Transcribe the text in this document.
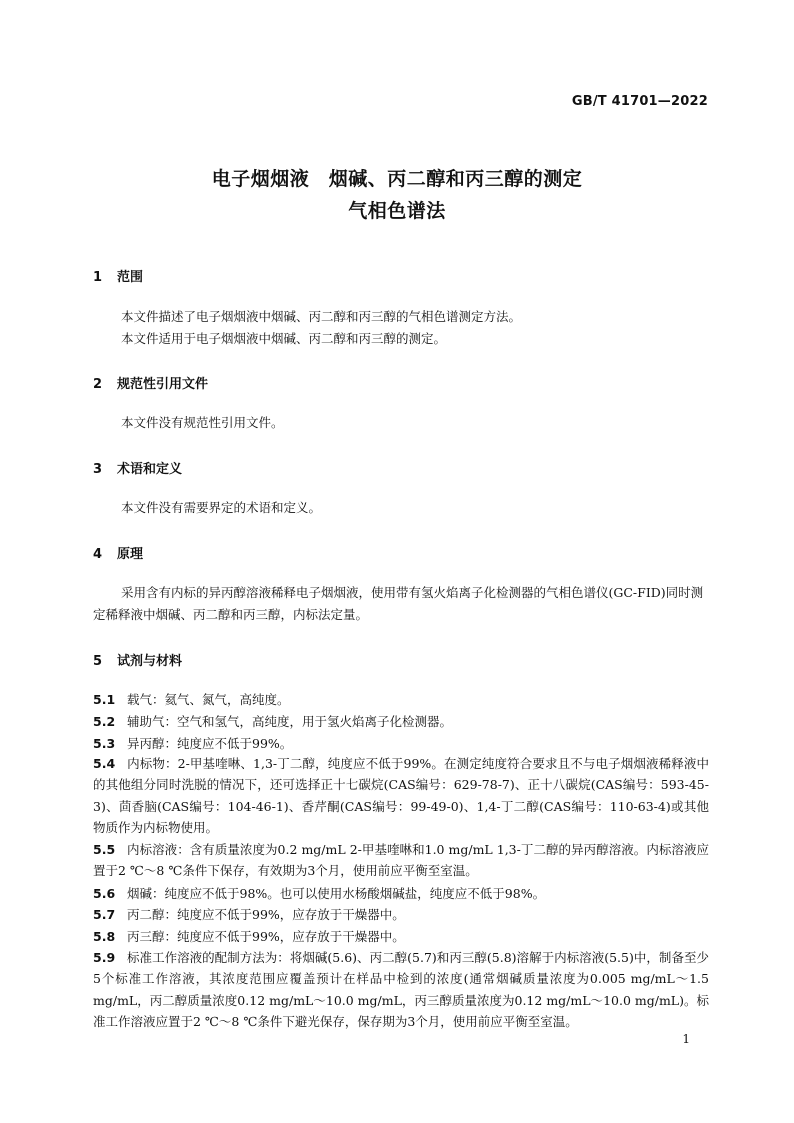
GB/T 41701—2022
电子烟烟液　烟碱、丙二醇和丙三醇的测定
气相色谱法
1 范围
本文件描述了电子烟烟液中烟碱、丙二醇和丙三醇的气相色谱测定方法。
本文件适用于电子烟烟液中烟碱、丙二醇和丙三醇的测定。
2 规范性引用文件
本文件没有规范性引用文件。
3 术语和定义
本文件没有需要界定的术语和定义。
4 原理
采用含有内标的异丙醇溶液稀释电子烟烟液，使用带有氢火焰离子化检测器的气相色谱仪(GC-FID)同时测定稀释液中烟碱、丙二醇和丙三醇，内标法定量。
5 试剂与材料
5.1 载气：氦气、氮气，高纯度。
5.2 辅助气：空气和氢气，高纯度，用于氢火焰离子化检测器。
5.3 异丙醇：纯度应不低于99%。
5.4 内标物：2-甲基喹啉、1,3-丁二醇，纯度应不低于99%。在测定纯度符合要求且不与电子烟烟液稀释液中的其他组分同时洗脱的情况下，还可选择正十七碳烷(CAS编号：629-78-7)、正十八碳烷(CAS编号：593-45-3)、茴香脑(CAS编号：104-46-1)、香芹酮(CAS编号：99-49-0)、1,4-丁二醇(CAS编号：110-63-4)或其他物质作为内标物使用。
5.5 内标溶液：含有质量浓度为0.2 mg/mL 2-甲基喹啉和1.0 mg/mL 1,3-丁二醇的异丙醇溶液。内标溶液应置于2 ℃～8 ℃条件下保存，有效期为3个月，使用前应平衡至室温。
5.6 烟碱：纯度应不低于98%。也可以使用水杨酸烟碱盐，纯度应不低于98%。
5.7 丙二醇：纯度应不低于99%，应存放于干燥器中。
5.8 丙三醇：纯度应不低于99%，应存放于干燥器中。
5.9 标准工作溶液的配制方法为：将烟碱(5.6)、丙二醇(5.7)和丙三醇(5.8)溶解于内标溶液(5.5)中，制备至少5个标准工作溶液，其浓度范围应覆盖预计在样品中检到的浓度(通常烟碱质量浓度为0.005 mg/mL～1.5 mg/mL，丙二醇质量浓度0.12 mg/mL～10.0 mg/mL，丙三醇质量浓度为0.12 mg/mL～10.0 mg/mL)。标准工作溶液应置于2 ℃～8 ℃条件下避光保存，保存期为3个月，使用前应平衡至室温。
1
